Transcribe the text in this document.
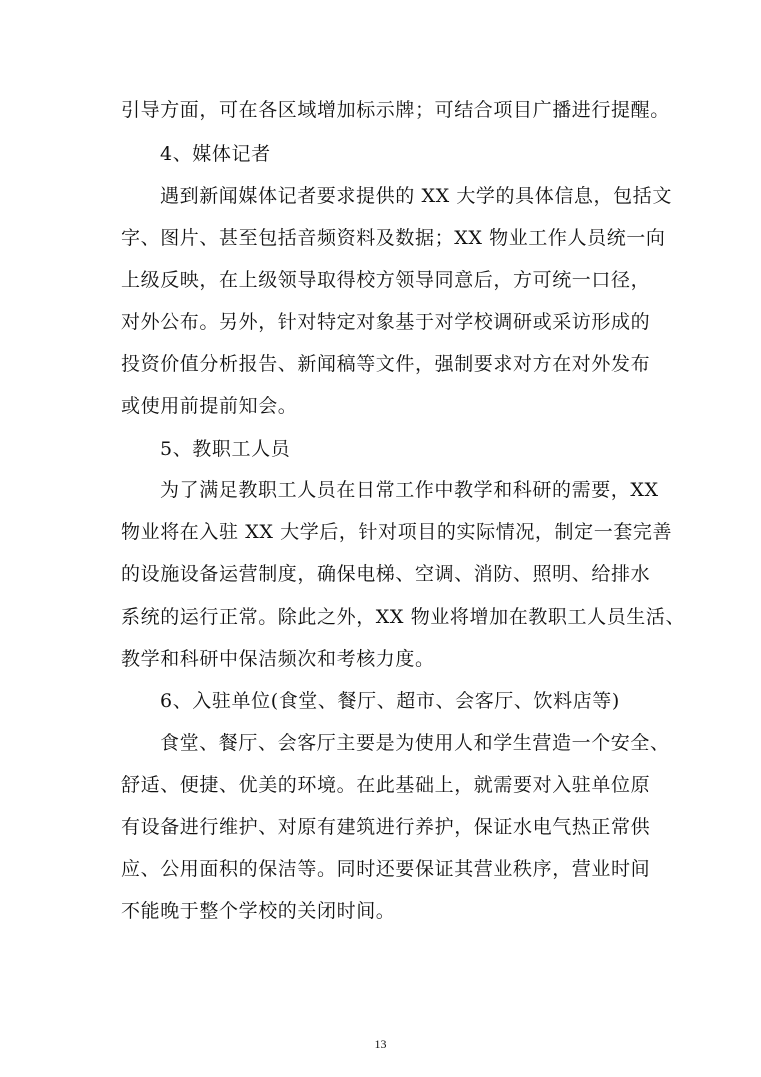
引导方面，可在各区域增加标示牌；可结合项目广播进行提醒。
4、媒体记者
遇到新闻媒体记者要求提供的 XX 大学的具体信息，包括文
字、图片、甚至包括音频资料及数据；XX 物业工作人员统一向
上级反映，在上级领导取得校方领导同意后，方可统一口径，
对外公布。另外，针对特定对象基于对学校调研或采访形成的
投资价值分析报告、新闻稿等文件，强制要求对方在对外发布
或使用前提前知会。
5、教职工人员
为了满足教职工人员在日常工作中教学和科研的需要，XX
物业将在入驻 XX 大学后，针对项目的实际情况，制定一套完善
的设施设备运营制度，确保电梯、空调、消防、照明、给排水
系统的运行正常。除此之外，XX 物业将增加在教职工人员生活、
教学和科研中保洁频次和考核力度。
6、入驻单位(食堂、餐厅、超市、会客厅、饮料店等)
食堂、餐厅、会客厅主要是为使用人和学生营造一个安全、
舒适、便捷、优美的环境。在此基础上，就需要对入驻单位原
有设备进行维护、对原有建筑进行养护，保证水电气热正常供
应、公用面积的保洁等。同时还要保证其营业秩序，营业时间
不能晚于整个学校的关闭时间。
13
